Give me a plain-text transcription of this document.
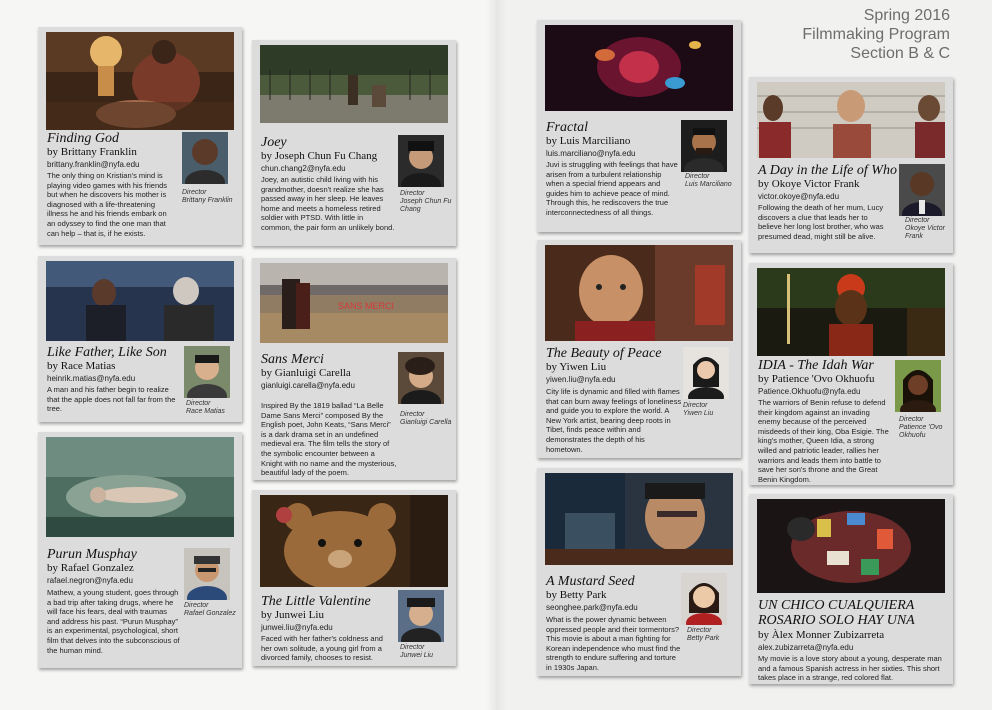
Spring 2016
Filmmaking Program
Section B & C
Finding God
by Brittany Franklin
brittany.franklin@nyfa.edu
The only thing on Kristian's mind is playing video games with his friends but when he discovers his mother is diagnosed with a life-threatening illness he and his friends embark on an odyssey to find the one man that can help – that is, if he exists.
Director
Brittany Franklin
Joey
by Joseph Chun Fu Chang
chun.chang2@nyfa.edu
Joey, an autistic child living with his grandmother, doesn't realize she has passed away in her sleep. He leaves home and meets a homeless retired soldier with PTSD. With little in common, the pair form an unlikely bond.
Director
Joseph Chun Fu Chang
Like Father, Like Son
by Race Matias
heinrik.matias@nyfa.edu
A man and his father begin to realize that the apple does not fall far from the tree.
Director
Race Matias
SANS MERCI
Sans Merci
by Gianluigi Carella
gianluigi.carella@nyfa.edu
Inspired By the 1819 ballad “La Belle Dame Sans Merci” composed By the English poet, John Keats, “Sans Merci” is a dark drama set in an undefined medieval era. The film tells the story of the symbolic encounter between a Knight with no name and the mysterious, beautiful lady of the poem.
Director
Gianluigi Carella
Purun Musphay
by Rafael Gonzalez
rafael.negron@nyfa.edu
Mathew, a young student, goes through a bad trip after taking drugs, where he will face his fears, deal with traumas and address his past. “Purun Musphay” is an experimental, psychological, short film that delves into the subconscious of the human mind.
Director
Rafael Gonzalez
The Little Valentine
by Junwei Liu
junwei.liu@nyfa.edu
Faced with her father's coldness and her own solitude, a young girl from a divorced family, chooses to resist.
Director
Junwei Liu
Fractal
by Luis Marciliano
luis.marciliano@nyfa.edu
Juvi is struggling with feelings that have arisen from a turbulent relationship when a special friend appears and guides him to achieve peace of mind. Through this, he rediscovers the true interconnectedness of all things.
Director
Luis Marciliano
A Day in the Life of Who
by Okoye Victor Frank
victor.okoye@nyfa.edu
Following the death of her mum, Lucy discovers a clue that leads her to believe her long lost brother, who was presumed dead, might still be alive.
Director
Okoye Victor Frank
The Beauty of Peace
by Yiwen Liu
yiwen.liu@nyfa.edu
City life is dynamic and filled with flames that can burn away feelings of loneliness and guide you to explore the world. A New York artist, bearing deep roots in Tibet, finds peace within and demonstrates the depth of his hometown.
Director
Yiwen Liu
IDIA - The Idah War
by Patience 'Ovo Okhuofu
Patience.Okhuofu@nyfa.edu
The warriors of Benin refuse to defend their kingdom against an invading enemy because of the perceived misdeeds of their king, Oba Esigie. The king's mother, Queen Idia, a strong willed and patriotic leader, rallies her warriors and leads them into battle to save her son's throne and the Great Benin Kingdom.
Director
Patience 'Ovo Okhuofu
A Mustard Seed
by Betty Park
seonghee.park@nyfa.edu
What is the power dynamic between oppressed people and their tormentors? This movie is about a man fighting for Korean independence who must find the strength to endure suffering and torture in 1930s Japan.
Director
Betty Park
UN CHICO CUALQUIERA
ROSARIO SOLO HAY UNA
by Àlex Monner Zubizarreta
alex.zubizarreta@nyfa.edu
My movie is a love story about a young, desperate man and a famous Spanish actress in her sixties. This short takes place in a strange, red colored flat.
